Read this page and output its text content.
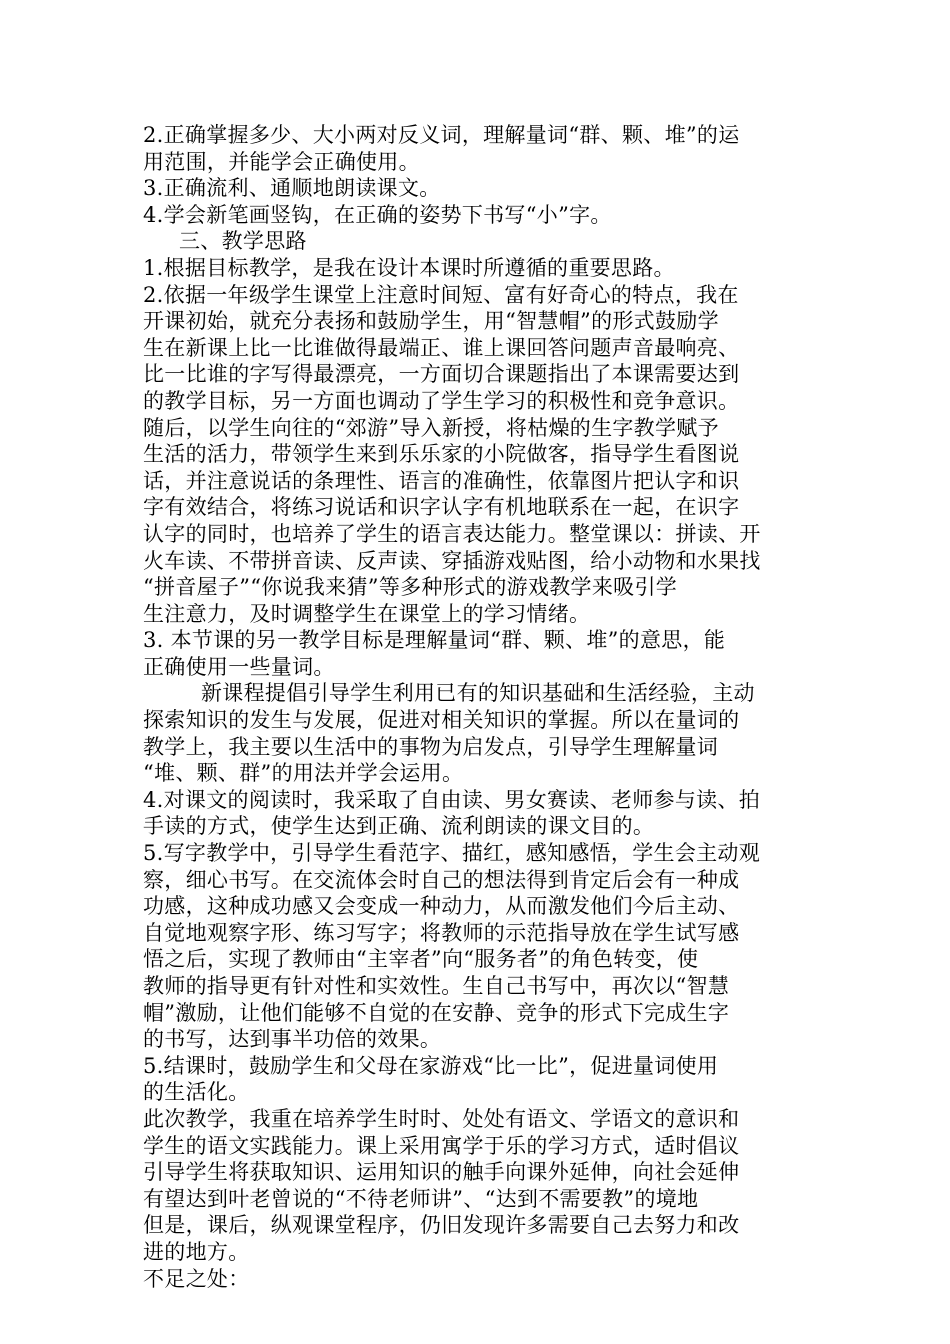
2.正确掌握多少、大小两对反义词，理解量词“群、颗、堆”的运
用范围，并能学会正确使用。
3.正确流利、通顺地朗读课文。
4.学会新笔画竖钩，在正确的姿势下书写“小”字。
三、教学思路
1.根据目标教学，是我在设计本课时所遵循的重要思路。
2.依据一年级学生课堂上注意时间短、富有好奇心的特点，我在
开课初始，就充分表扬和鼓励学生，用“智慧帽”的形式鼓励学
生在新课上比一比谁做得最端正、谁上课回答问题声音最响亮、
比一比谁的字写得最漂亮，一方面切合课题指出了本课需要达到
的教学目标，另一方面也调动了学生学习的积极性和竞争意识。
随后，以学生向往的“郊游”导入新授，将枯燥的生字教学赋予
生活的活力，带领学生来到乐乐家的小院做客，指导学生看图说
话，并注意说话的条理性、语言的准确性，依靠图片把认字和识
字有效结合，将练习说话和识字认字有机地联系在一起，在识字
认字的同时，也培养了学生的语言表达能力。整堂课以：拼读、开
火车读、不带拼音读、反声读、穿插游戏贴图，给小动物和水果找
“拼音屋子”“你说我来猜”等多种形式的游戏教学来吸引学
生注意力，及时调整学生在课堂上的学习情绪。
3. 本节课的另一教学目标是理解量词“群、颗、堆”的意思，能
正确使用一些量词。
新课程提倡引导学生利用已有的知识基础和生活经验，主动
探索知识的发生与发展，促进对相关知识的掌握。所以在量词的
教学上，我主要以生活中的事物为启发点，引导学生理解量词
“堆、颗、群”的用法并学会运用。
4.对课文的阅读时，我采取了自由读、男女赛读、老师参与读、拍
手读的方式，使学生达到正确、流利朗读的课文目的。
5.写字教学中，引导学生看范字、描红，感知感悟，学生会主动观
察，细心书写。在交流体会时自己的想法得到肯定后会有一种成
功感，这种成功感又会变成一种动力，从而激发他们今后主动、
自觉地观察字形、练习写字；将教师的示范指导放在学生试写感
悟之后，实现了教师由“主宰者”向“服务者”的角色转变，使
教师的指导更有针对性和实效性。生自己书写中，再次以“智慧
帽”激励，让他们能够不自觉的在安静、竞争的形式下完成生字
的书写，达到事半功倍的效果。
5.结课时，鼓励学生和父母在家游戏“比一比”，促进量词使用
的生活化。
此次教学，我重在培养学生时时、处处有语文、学语文的意识和
学生的语文实践能力。课上采用寓学于乐的学习方式，适时倡议
引导学生将获取知识、运用知识的触手向课外延伸，向社会延伸
有望达到叶老曾说的“不待老师讲”、“达到不需要教”的境地
但是，课后，纵观课堂程序，仍旧发现许多需要自己去努力和改
进的地方。
不足之处：
